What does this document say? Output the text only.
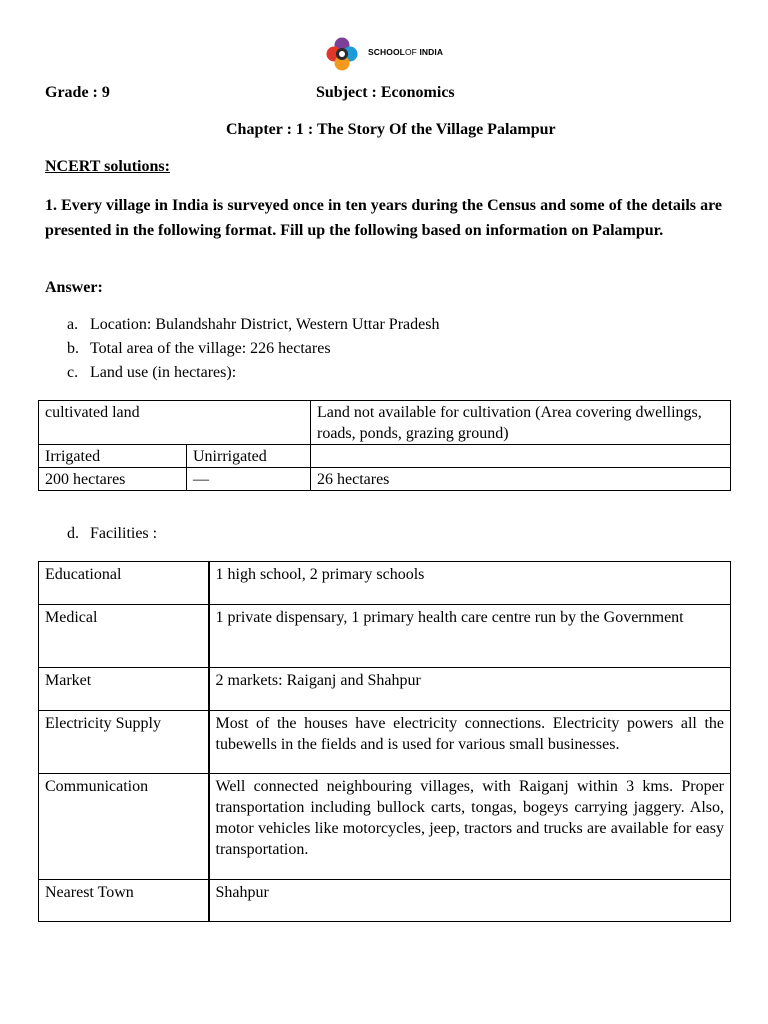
SCHOOLOF INDIA
Grade : 9	Subject : Economics
Chapter : 1 : The Story Of the Village Palampur
NCERT solutions:
1. Every village in India is surveyed once in ten years during the Census and some of the details are presented in the following format. Fill up the following based on information on Palampur.
Answer:
a. Location: Bulandshahr District, Western Uttar Pradesh
b. Total area of the village: 226 hectares
c. Land use (in hectares):
cultivated land		Land not available for cultivation (Area covering dwellings, roads, ponds, grazing ground)
Irrigated	Unirrigated	
200 hectares	—	26 hectares
d. Facilities :
Educational	1 high school, 2 primary schools
Medical	1 private dispensary, 1 primary health care centre run by the Government
Market	2 markets: Raiganj and Shahpur
Electricity Supply	Most of the houses have electricity connections. Electricity powers all the tubewells in the fields and is used for various small businesses.
Communication	Well connected neighbouring villages, with Raiganj within 3 kms. Proper transportation including bullock carts, tongas, bogeys carrying jaggery. Also, motor vehicles like motorcycles, jeep, tractors and trucks are available for easy transportation.
Nearest Town	Shahpur
